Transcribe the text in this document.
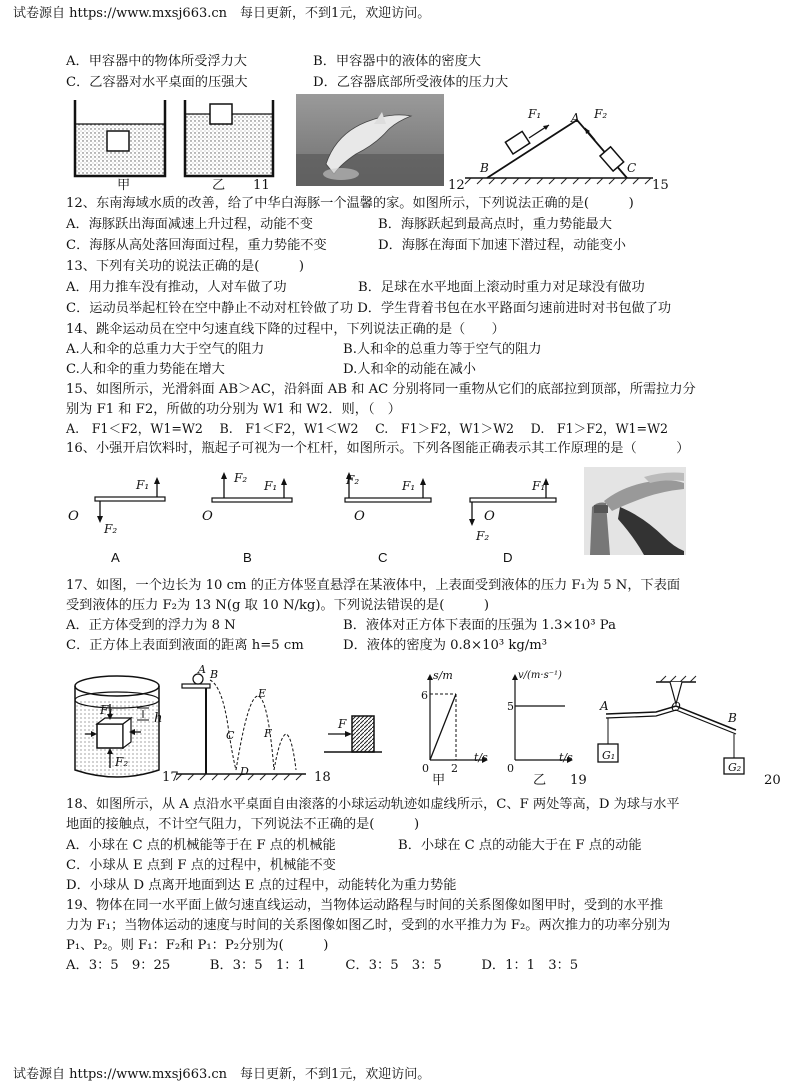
试卷源自 https://www.mxsj663.cn　每日更新，不到1元，欢迎访问。
A．甲容器中的物体所受浮力大	B．甲容器中的液体的密度大
C．乙容器对水平桌面的压强大	D．乙容器底部所受液体的压力大
甲	乙 11	12
F₁	F₂
A
B	C
15
12、东南海域水质的改善，给了中华白海豚一个温馨的家。如图所示，下列说法正确的是(　　　)
A．海豚跃出海面减速上升过程，动能不变	B．海豚跃起到最高点时，重力势能最大
C．海豚从高处落回海面过程，重力势能不变	D．海豚在海面下加速下潜过程，动能变小
13、下列有关功的说法正确的是(　　　)
A．用力推车没有推动，人对车做了功	B．足球在水平地面上滚动时重力对足球没有做功
C．运动员举起杠铃在空中静止不动对杠铃做了功 D．学生背着书包在水平路面匀速前进时对书包做了功
14、跳伞运动员在空中匀速直线下降的过程中，下列说法正确的是（　　）
A.人和伞的总重力大于空气的阻力	B.人和伞的总重力等于空气的阻力
C.人和伞的重力势能在增大	D.人和伞的动能在减小
15、如图所示，光滑斜面 AB＞AC，沿斜面 AB 和 AC 分别将同一重物从它们的底部拉到顶部，所需拉力分
别为 F1 和 F2，所做的功分别为 W1 和 W2．则，（　）
A.　F1＜F2，W1=W2　 B.　F1＜F2，W1＜W2　 C.　F1＞F2，W1＞W2　 D.　F1＞F2，W1=W2
16、小强开启饮料时，瓶起子可视为一个杠杆，如图所示。下列各图能正确表示其工作原理的是（　　　）
O
F₁
F₂
A
O
F₂
F₁
B
O
F₂	F₁
C
O
F₂
F₁
D
17、如图，一个边长为 10 cm 的正方体竖直悬浮在某液体中，上表面受到液体的压力 F₁为 5 N，下表面
受到液体的压力 F₂为 13 N(g 取 10 N/kg)。下列说法错误的是(　　　)
A．正方体受到的浮力为 8 N	B．液体对正方体下表面的压强为 1.3×10³ Pa
C．正方体上表面到液面的距离 h=5 cm	D．液体的密度为 0.8×10³ kg/m³
F₁
F₂
h
A B
C
D
E
F
17
F
18
s/m
6
0 2
t/s
甲
v/(m·s⁻¹)
5
0
t/s
乙 19
A	O
B
G₁
G₂
20
18、如图所示，从 A 点沿水平桌面自由滚落的小球运动轨迹如虚线所示，C、F 两处等高，D 为球与水平
地面的接触点，不计空气阻力，下列说法不正确的是(　　　)
A．小球在 C 点的机械能等于在 F 点的机械能	B．小球在 C 点的动能大于在 F 点的动能
C．小球从 E 点到 F 点的过程中，机械能不变
D．小球从 D 点离开地面到达 E 点的过程中，动能转化为重力势能
19、物体在同一水平面上做匀速直线运动，当物体运动路程与时间的关系图像如图甲时，受到的水平推
力为 F₁；当物体运动的速度与时间的关系图像如图乙时，受到的水平推力为 F₂。两次推力的功率分别为
P₁、P₂。则 F₁：F₂和 P₁：P₂分别为(　　　)
A．3：5　9：25　　　B．3：5　1：1　　　C．3：5　3：5　　　D．1：1　3：5
试卷源自 https://www.mxsj663.cn　每日更新，不到1元，欢迎访问。
